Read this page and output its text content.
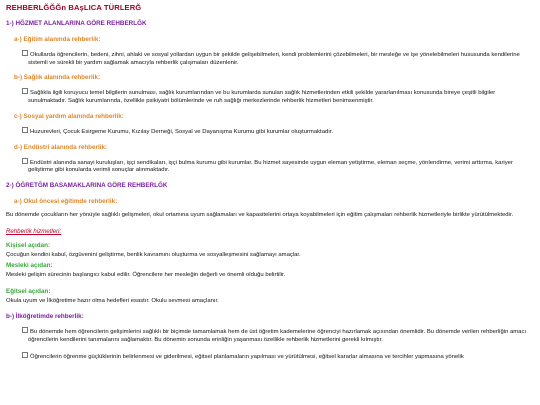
REHBERLĞĞĞn BAşLICA TÜRLERĞ
1-) HĞZMET ALANLARINA GÖRE REHBERLĞK
a-) Eğitim alanında rehberlik:
Okullarda öğrencilerin, bedeni, zihni, ahlaki ve sosyal yollardan uygun bir şekilde gelişebilmeleri, kendi problemlerini çözebilmeleri, bir mesleğe ve işe yönelebilmeleri hususunda kendilerine sistemli ve sürekli bir yardım sağlamak amacıyla rehberlik çalışmaları düzenlenir.
b-) Sağlık alanında rehberlik:
Sağlıkla ilgili koruyucu temel bilgilerin sunulması, sağlık kurumlarından ve bu kurumlarda sunulan sağlık hizmetlerinden etkili şekilde yararlanılması konusunda bireye çeşitli bilgiler sunulmaktadır. Sağlık kurumlarında, özellikle psikiyatri bölümlerinde ve ruh sağlığı merkezlerinde rehberlik hizmetleri benimsenmiştir.
c-) Sosyal yardım alanında rehberlik:
Huzurevleri, Çocuk Esirgeme Kurumu, Kızılay Derneği, Sosyal ve Dayanışma Kurumu gibi kurumlar oluşturmaktadır.
d-) Endüstri alanında rehberlik:
Endüstri alanında sanayi kuruluşları, işçi sendikaları, işçi bulma kurumu gibi kurumlar. Bu hizmet sayesinde uygun eleman yetiştirme, eleman seçme, yönlendirme, verimi arttırma, kariyer geliştirme gibi konularda verimli sonuçlar alınmaktadır.
2-) ÖĞRETĞM BASAMAKLARINA GÖRE REHBERLĞK
a-) Okul öncesi eğitimde rehberlik:
Bu dönemde çocukların her yönüyle sağlıklı gelişmeleri, okul ortamına uyum sağlamaları ve kapasitelerini ortaya koyabilmeleri için eğitim çalışmaları rehberlik hizmetleriyle birlikte yürütülmektedir.
Rehberlik hizmetleri:
Kişisel açıdan:
Çocuğun kendini kabul, özgüvenini geliştirme, benlik kavramını oluşturma ve sosyalleşmesini sağlamayı amaçlar.
Mesleki açıdan:
Mesleki gelişim sürecinin başlangıcı kabul edilir. Öğrencilere her mesleğin değerli ve önemli olduğu belirtilir.
Eğitsel açıdan:
Okula uyum ve İlköğretime hazır olma hedefleri esastır. Okulu sevmesi amaçlanır.
b-) İlköğretimde rehberlik:
Bu dönemde hem öğrencilerin gelişimlerini sağlıklı bir biçimde tamamlamak hem de üst öğretim kademelerine öğrenciyi hazırlamak açısından önemlidir. Bu dönemde verilen rehberliğin amacı öğrencilerin kendilerini tanımalarını sağlamaktır. Bu dönemin sonunda erinliğin yaşanması özellikle rehberlik hizmetlerini gerekli kılmıştır.
Öğrencilerin öğrenme güçlüklerinin belirlenmesi ve giderilmesi, eğitsel planlamaların yapılması ve yürütülmesi, eğitsel kararlar almasına ve tercihler yapmasına yönelik
